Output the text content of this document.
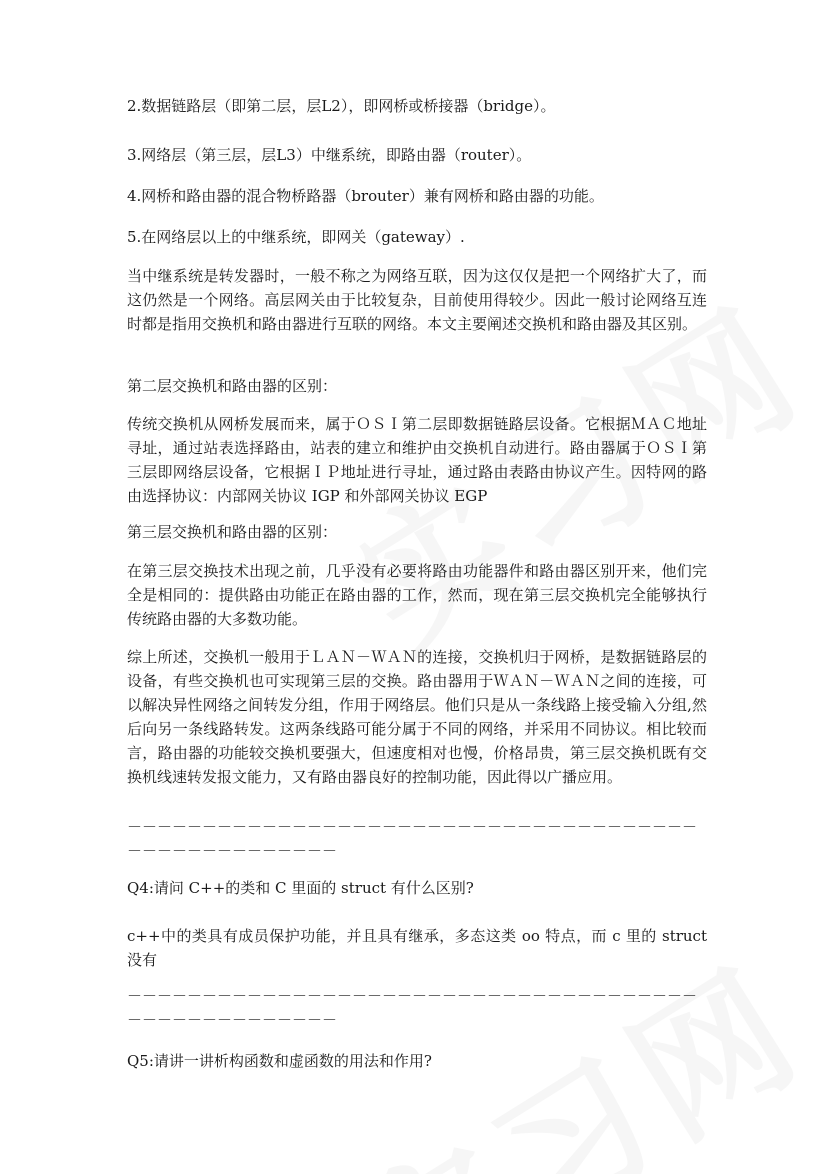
2.数据链路层（即第二层，层L2），即网桥或桥接器（bridge）。

3.网络层（第三层，层L3）中继系统，即路由器（router）。

4.网桥和路由器的混合物桥路器（brouter）兼有网桥和路由器的功能。

5.在网络层以上的中继系统，即网关（gateway）.

当中继系统是转发器时，一般不称之为网络互联，因为这仅仅是把一个网络扩大了，而这仍然是一个网络。高层网关由于比较复杂，目前使用得较少。因此一般讨论网络互连时都是指用交换机和路由器进行互联的网络。本文主要阐述交换机和路由器及其区别。

第二层交换机和路由器的区别：

传统交换机从网桥发展而来，属于ＯＳＩ第二层即数据链路层设备。它根据ＭＡＣ地址寻址，通过站表选择路由，站表的建立和维护由交换机自动进行。路由器属于ＯＳＩ第三层即网络层设备，它根据ＩＰ地址进行寻址，通过路由表路由协议产生。因特网的路由选择协议：内部网关协议 IGP 和外部网关协议 EGP

第三层交换机和路由器的区别：

在第三层交换技术出现之前，几乎没有必要将路由功能器件和路由器区别开来，他们完全是相同的：提供路由功能正在路由器的工作，然而，现在第三层交换机完全能够执行传统路由器的大多数功能。

综上所述，交换机一般用于ＬＡＮ－ＷＡＮ的连接，交换机归于网桥，是数据链路层的设备，有些交换机也可实现第三层的交换。路由器用于ＷＡＮ－ＷＡＮ之间的连接，可以解决异性网络之间转发分组，作用于网络层。他们只是从一条线路上接受输入分组,然后向另一条线路转发。这两条线路可能分属于不同的网络，并采用不同协议。相比较而言，路由器的功能较交换机要强大，但速度相对也慢，价格昂贵，第三层交换机既有交换机线速转发报文能力，又有路由器良好的控制功能，因此得以广播应用。

－－－－－－－－－－－－－－－－－－－－－－－－－－－－－－－－－－－－－－

－－－－－－－－－－－－－－

Q4:请问 C++的类和 C 里面的 struct 有什么区别?

c++中的类具有成员保护功能，并且具有继承，多态这类 oo 特点，而 c 里的 struct 没有

－－－－－－－－－－－－－－－－－－－－－－－－－－－－－－－－－－－－－－

－－－－－－－－－－－－－－

Q5:请讲一讲析构函数和虚函数的用法和作用?
